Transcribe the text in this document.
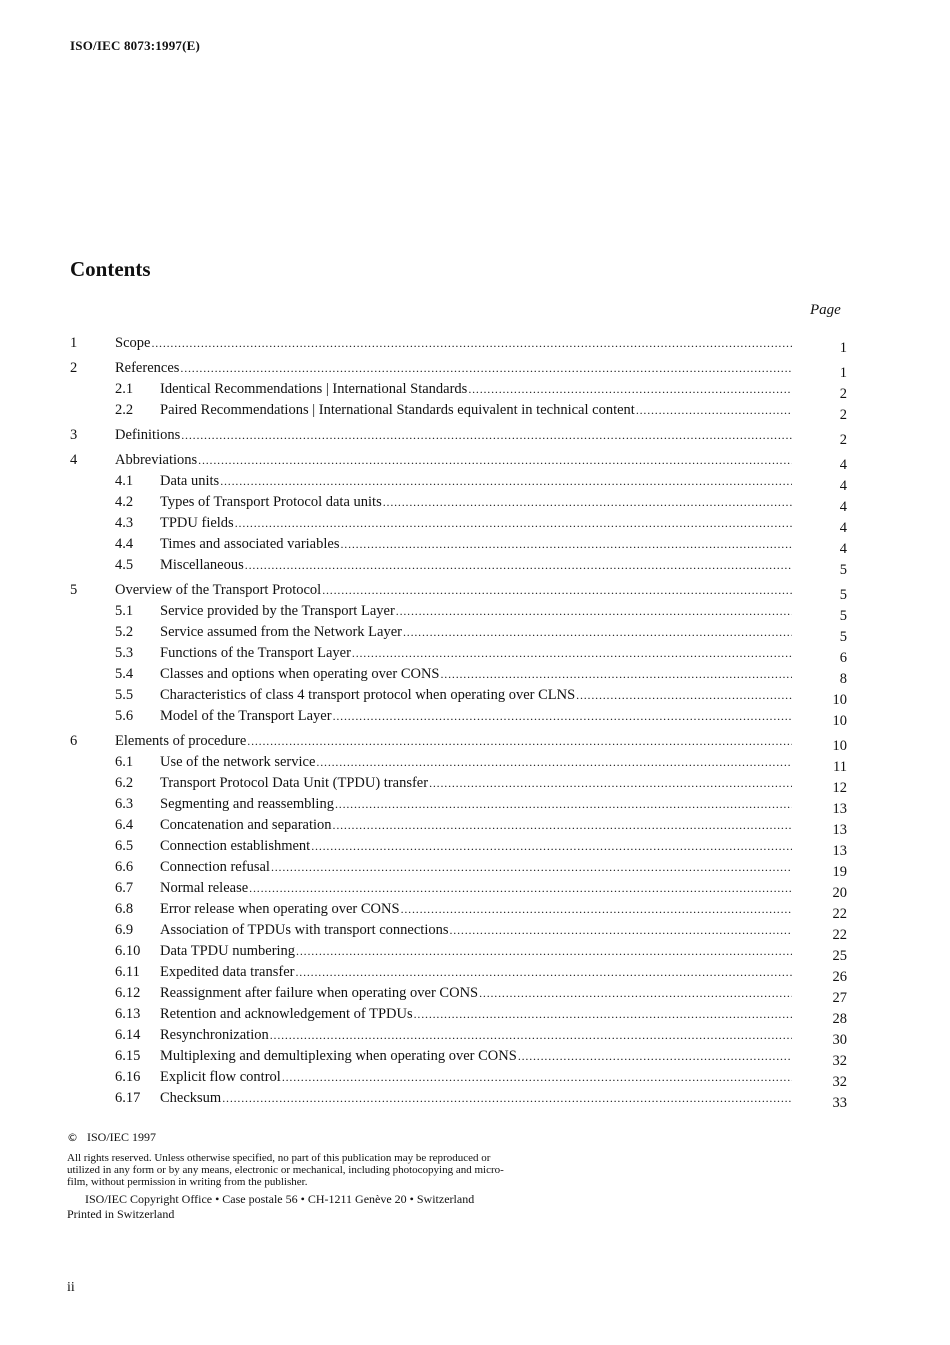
ISO/IEC 8073:1997(E)
Contents
Page
1	Scope .....	1
2	References .....	1
2.1 Identical Recommendations | International Standards .....	2
2.2 Paired Recommendations | International Standards equivalent in technical content .....	2
3	Definitions .....	2
4	Abbreviations .....	4
4.1 Data units .....	4
4.2 Types of Transport Protocol data units .....	4
4.3 TPDU fields .....	4
4.4 Times and associated variables .....	4
4.5 Miscellaneous .....	5
5	Overview of the Transport Protocol .....	5
5.1 Service provided by the Transport Layer .....	5
5.2 Service assumed from the Network Layer .....	5
5.3 Functions of the Transport Layer .....	6
5.4 Classes and options when operating over CONS .....	8
5.5 Characteristics of class 4 transport protocol when operating over CLNS .....	10
5.6 Model of the Transport Layer .....	10
6	Elements of procedure .....	10
6.1 Use of the network service .....	11
6.2 Transport Protocol Data Unit (TPDU) transfer .....	12
6.3 Segmenting and reassembling .....	13
6.4 Concatenation and separation .....	13
6.5 Connection establishment .....	13
6.6 Connection refusal .....	19
6.7 Normal release .....	20
6.8 Error release when operating over CONS .....	22
6.9 Association of TPDUs with transport connections .....	22
6.10 Data TPDU numbering .....	25
6.11 Expedited data transfer .....	26
6.12 Reassignment after failure when operating over CONS .....	27
6.13 Retention and acknowledgement of TPDUs .....	28
6.14 Resynchronization .....	30
6.15 Multiplexing and demultiplexing when operating over CONS .....	32
6.16 Explicit flow control .....	32
6.17 Checksum .....	33
© ISO/IEC 1997
All rights reserved. Unless otherwise specified, no part of this publication may be reproduced or
utilized in any form or by any means, electronic or mechanical, including photocopying and micro-
film, without permission in writing from the publisher.
ISO/IEC Copyright Office • Case postale 56 • CH-1211 Genève 20 • Switzerland
Printed in Switzerland
ii
